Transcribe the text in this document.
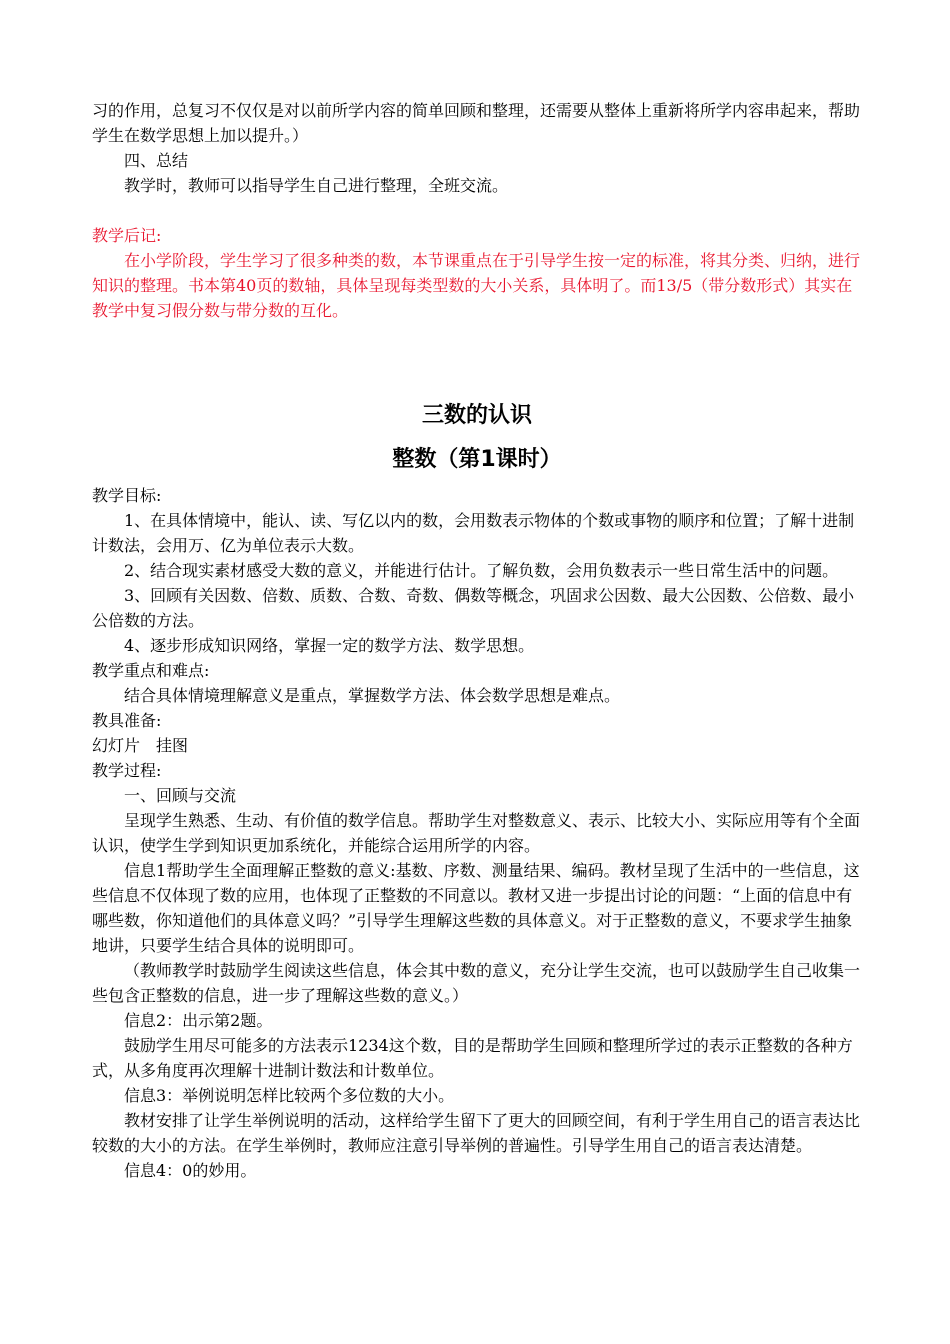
习的作用，总复习不仅仅是对以前所学内容的简单回顾和整理，还需要从整体上重新将所学内容串起来，帮助学生在数学思想上加以提升。）

四、总结

教学时，教师可以指导学生自己进行整理，全班交流。

教学后记:

在小学阶段，学生学习了很多种类的数，本节课重点在于引导学生按一定的标准，将其分类、归纳，进行知识的整理。书本第40页的数轴，具体呈现每类型数的大小关系，具体明了。而13/5（带分数形式）其实在教学中复习假分数与带分数的互化。

三数的认识

整数（第1课时）

教学目标:

1、在具体情境中，能认、读、写亿以内的数，会用数表示物体的个数或事物的顺序和位置；了解十进制计数法，会用万、亿为单位表示大数。

2、结合现实素材感受大数的意义，并能进行估计。了解负数，会用负数表示一些日常生活中的问题。

3、回顾有关因数、倍数、质数、合数、奇数、偶数等概念，巩固求公因数、最大公因数、公倍数、最小公倍数的方法。

4、逐步形成知识网络，掌握一定的数学方法、数学思想。

教学重点和难点:

结合具体情境理解意义是重点，掌握数学方法、体会数学思想是难点。

教具准备:

幻灯片　挂图

教学过程:

一、回顾与交流

呈现学生熟悉、生动、有价值的数学信息。帮助学生对整数意义、表示、比较大小、实际应用等有个全面认识，使学生学到知识更加系统化，并能综合运用所学的内容。

信息1帮助学生全面理解正整数的意义:基数、序数、测量结果、编码。教材呈现了生活中的一些信息，这些信息不仅体现了数的应用，也体现了正整数的不同意以。教材又进一步提出讨论的问题：“上面的信息中有哪些数，你知道他们的具体意义吗？”引导学生理解这些数的具体意义。对于正整数的意义，不要求学生抽象地讲，只要学生结合具体的说明即可。

（教师教学时鼓励学生阅读这些信息，体会其中数的意义，充分让学生交流，也可以鼓励学生自己收集一些包含正整数的信息，进一步了理解这些数的意义。）

信息2：出示第2题。

鼓励学生用尽可能多的方法表示1234这个数，目的是帮助学生回顾和整理所学过的表示正整数的各种方式，从多角度再次理解十进制计数法和计数单位。

信息3：举例说明怎样比较两个多位数的大小。

教材安排了让学生举例说明的活动，这样给学生留下了更大的回顾空间，有利于学生用自己的语言表达比较数的大小的方法。在学生举例时，教师应注意引导举例的普遍性。引导学生用自己的语言表达清楚。

信息4：0的妙用。
